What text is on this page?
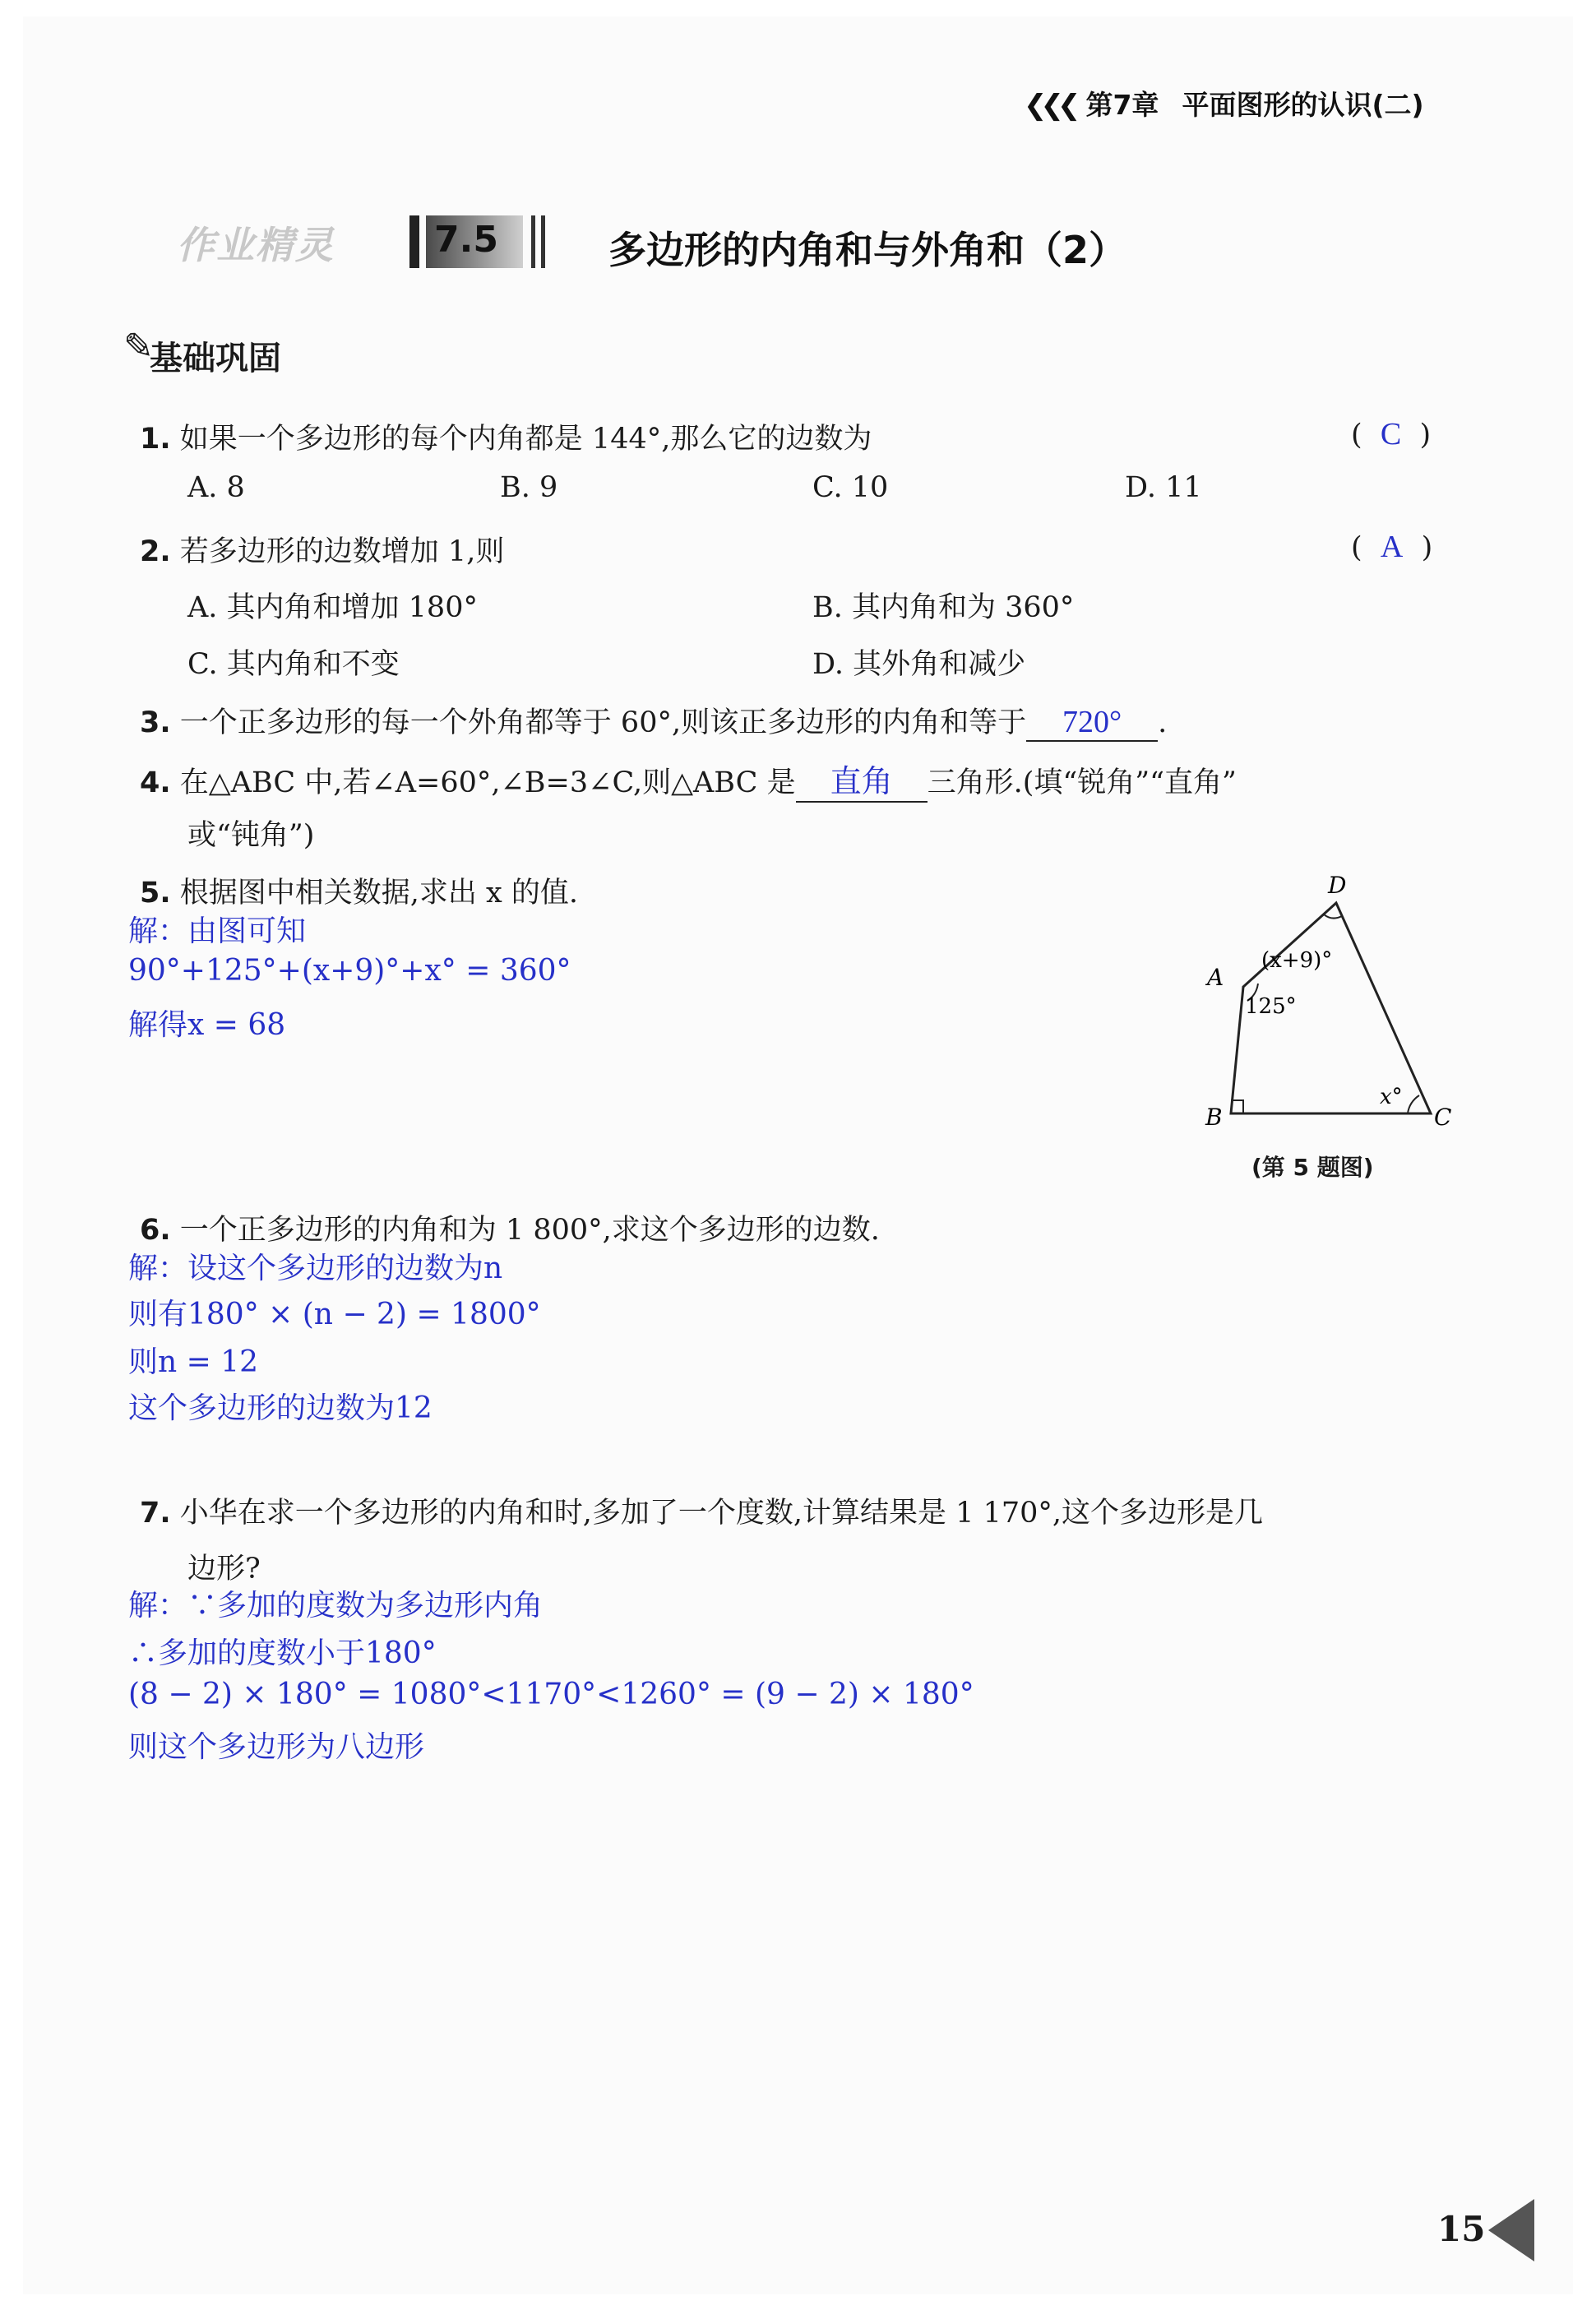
❮❮❮ 第7章 平面图形的认识(二)
作业精灵	7.5	多边形的内角和与外角和（2）
✎
基础巩固
1. 如果一个多边形的每个内角都是 144°,那么它的边数为	(  C  )
A. 8	B. 9	C. 10	D. 11
2. 若多边形的边数增加 1,则	(  A  )
A. 其内角和增加 180°	B. 其内角和为 360°
C. 其内角和不变	D. 其外角和减少
3. 一个正多边形的每一个外角都等于 60°,则该正多边形的内角和等于 720° .
4. 在△ABC 中,若∠A=60°,∠B=3∠C,则△ABC 是 直角 三角形.(填“锐角”“直角”
或“钝角”)
5. 根据图中相关数据,求出 x 的值.
解：由图可知
90°+125°+(x+9)°+x° = 360°
解得x = 68
D
A
B	C
(x+9)°
125°
x°
(第 5 题图)
6. 一个正多边形的内角和为 1 800°,求这个多边形的边数.
解：设这个多边形的边数为n
则有180° × (n − 2) = 1800°
则n = 12
这个多边形的边数为12
7. 小华在求一个多边形的内角和时,多加了一个度数,计算结果是 1 170°,这个多边形是几
边形?
解：∵多加的度数为多边形内角
∴多加的度数小于180°
(8 − 2) × 180° = 1080°<1170°<1260° = (9 − 2) × 180°
则这个多边形为八边形
15
